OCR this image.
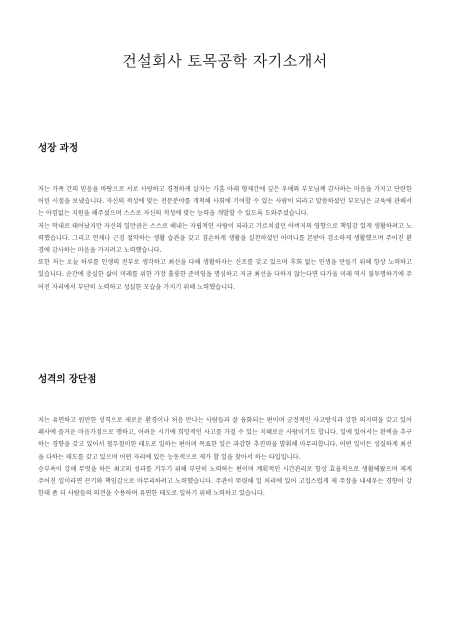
건설회사 토목공학 자기소개서
성장 과정

저는 가족 간의 믿음을 바탕으로 서로 사랑하고 경청하게 살자는 가훈 아래 형제간에 깊은 우애와 부모님께 감사하는 마음을 가지고 단란한 어린 시절을 보냈습니다. 자신의 적성에 맞는 전문분야를 개척해 사회에 기여할 수 있는 사람이 되라고 말씀하셨던 부모님은 교육에 관해서는 아낌없는 지원을 해주셨으며 스스로 자신의 적성에 맞는 능력을 개발할 수 있도록 도와주셨습니다.

저는 막내로 태어났지만 자신의 일만큼은 스스로 해내는 자립적인 사람이 되라고 가르치셨던 아버지의 영향으로 책임감 있게 생활하려고 노력했습니다. 그리고 언제나 근검 절약하는 생활 습관을 갖고 겸손하게 생활을 실천하셨던 어머니를 본받아 검소하게 생활했으며 주어진 환경에 감사하는 마음을 가지려고 노력했습니다.

또한 저는 오늘 하루를 인생의 전부로 생각하고 최선을 다해 생활하자는 신조를 갖고 있으며 후회 없는 인생을 만들기 위해 항상 노력하고 있습니다. 순간에 충실한 삶이 미래를 위한 가장 훌륭한 준비임을 명심하고 지금 최선을 다하지 않는다면 다가올 미래 역시 불투명하기에 주어진 자리에서 부단히 노력하고 성실한 모습을 가지기 위해 노력했습니다.

성격의 장단점

저는 유연하고 원만한 성격으로 새로운 환경이나 처음 만나는 사람들과 잘 융화되는 편이며 긍정적인 사고방식과 강한 의지력을 갖고 있어 패사에 즐거운 마음가짐으로 행하고, 어려운 시기에 희망적인 사고를 가질 수 있는 지혜로운 사람이기도 합니다. 일에 있어서는 완벽을 추구하는 경향을 갖고 있어서 철두철미한 태도로 일하는 편이며 목표한 일은 과감한 추진력을 발휘해 마무리합니다. 어떤 일이든 성실하게 최선을 다하는 태도를 갖고 있으며 어떤 자리에 있든 능동적으로 제가 할 일을 찾아서 하는 타입입니다.

승부욕이 강해 무엇을 하든 최고의 성과를 거두기 위해 부단히 노력하는 편이며 계획적인 시간관리로 항상 효율적으로 생활해왔으며 제게 주어진 일이라면 끈기와 책임감으로 마무리하려고 노력했습니다. 주관이 뚜렷해 일 처리에 있어 고집스럽게 제 주장을 내세우는 경향이 강한데 좀 더 사람들의 의견을 수용하며 유연한 태도로 일하기 위해 노력하고 있습니다.
